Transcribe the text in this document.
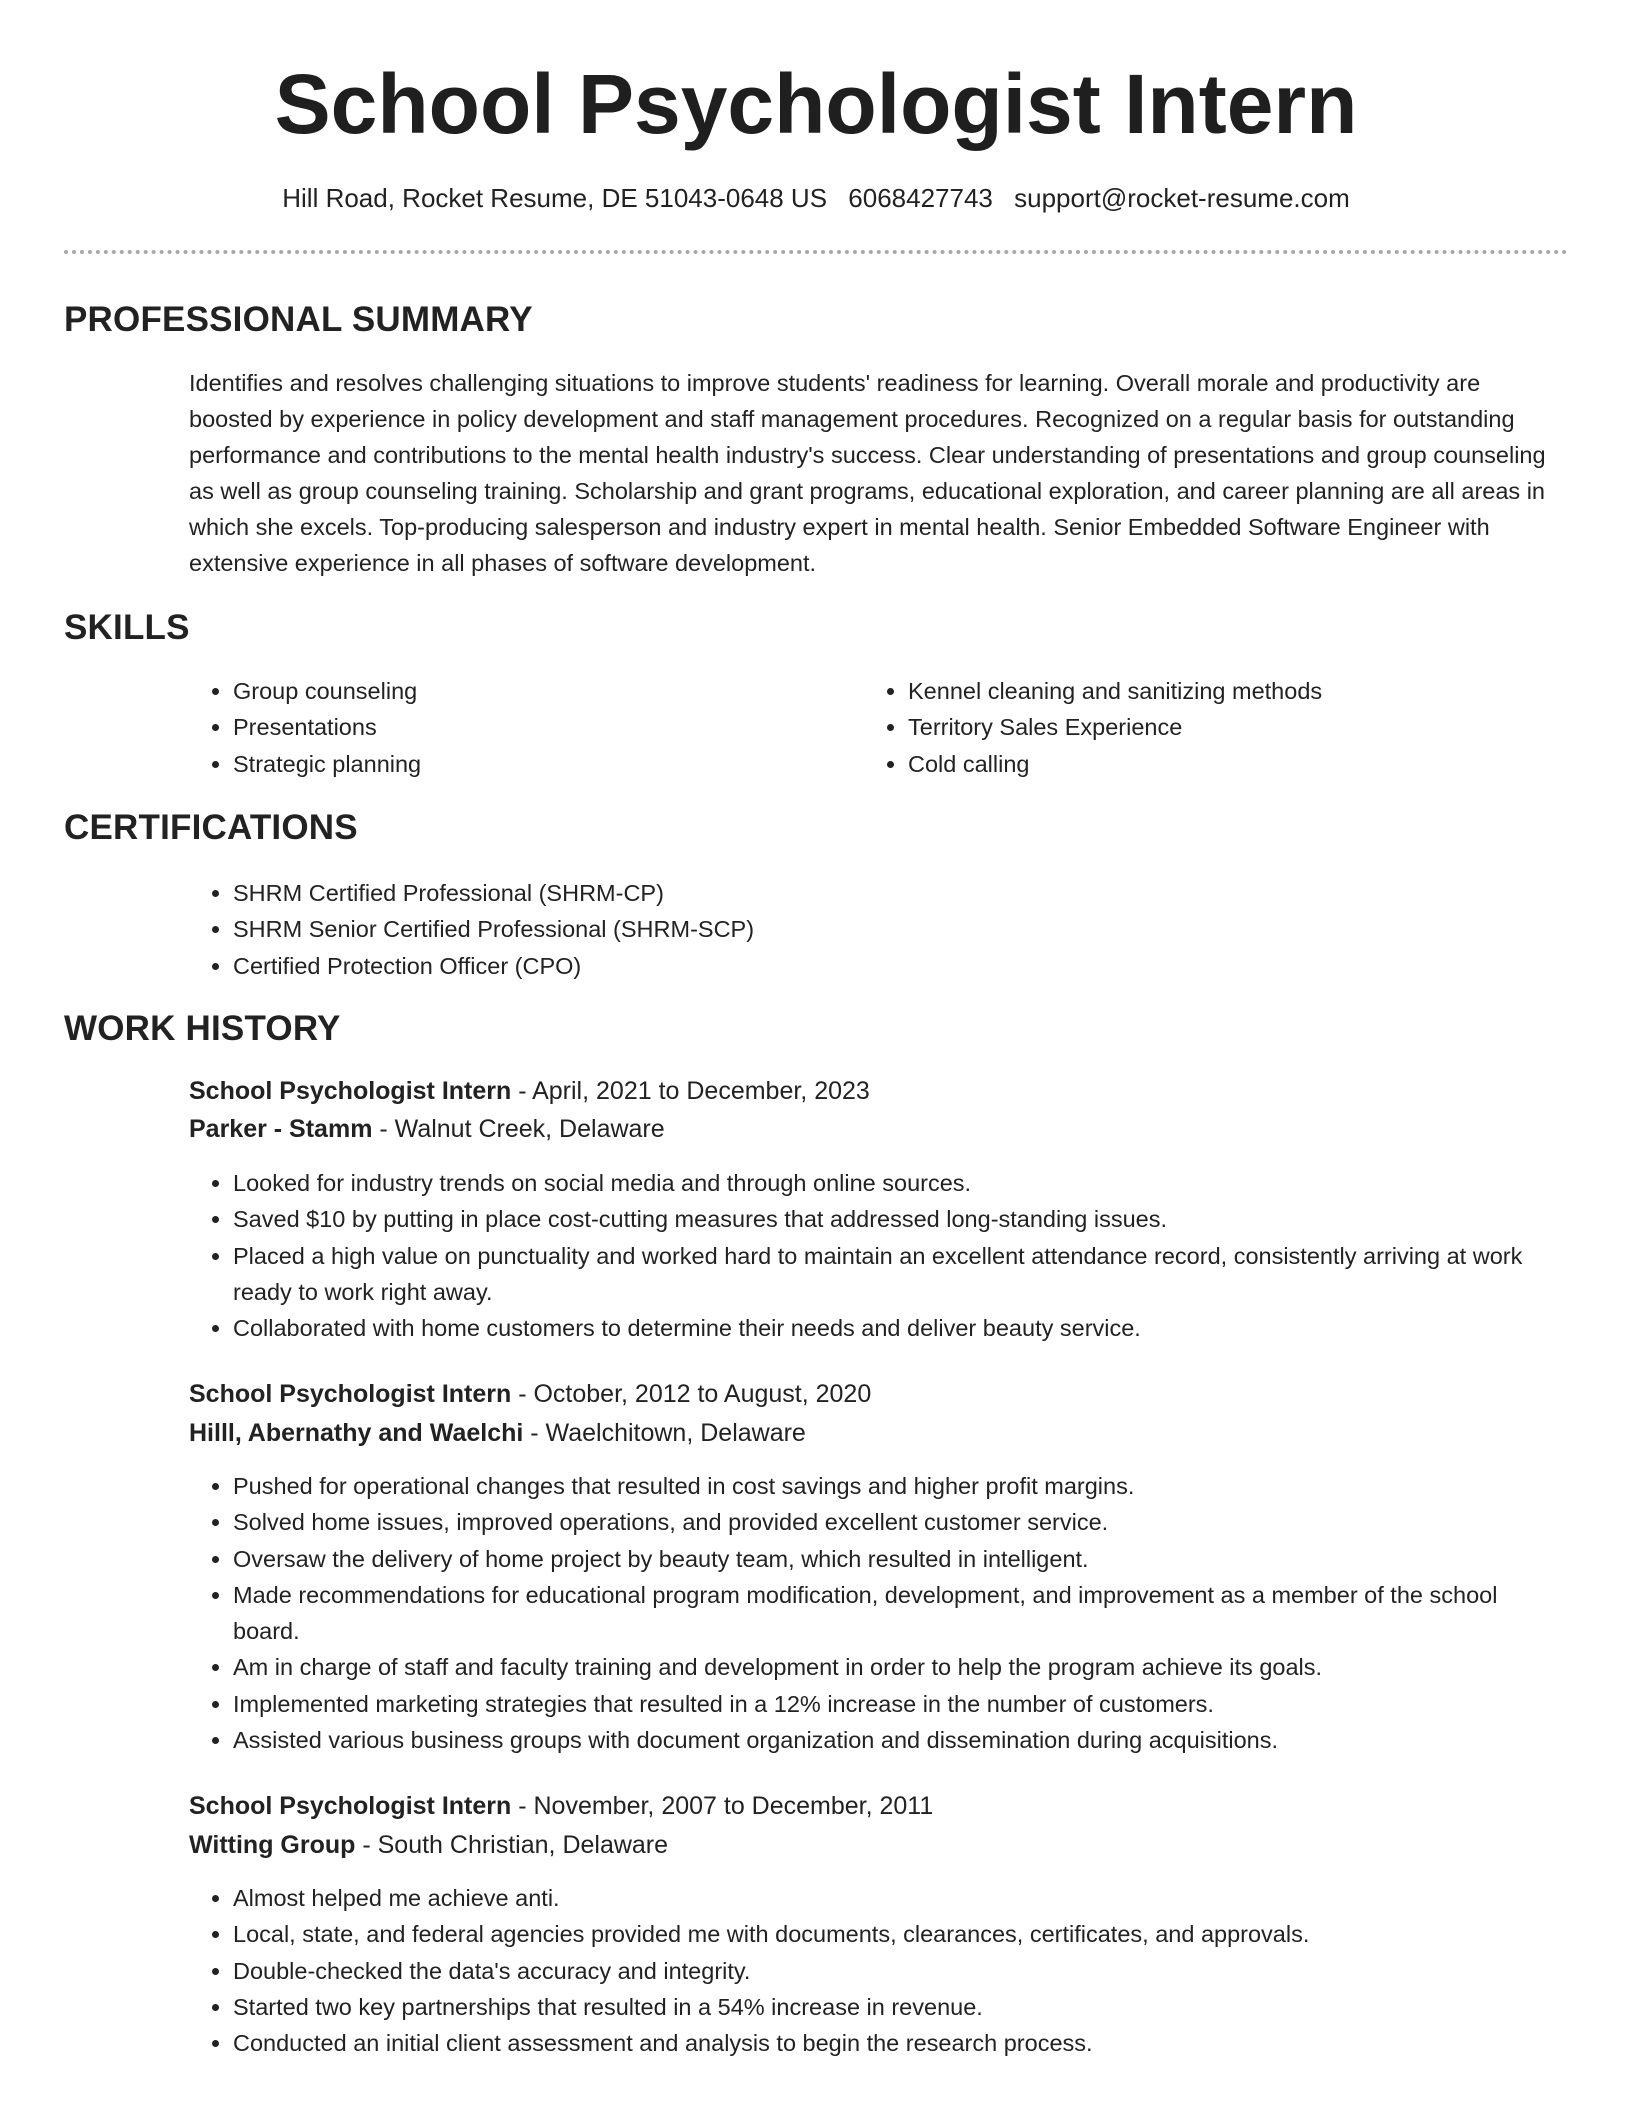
School Psychologist Intern
Hill Road, Rocket Resume, DE 51043-0648 US 6068427743 support@rocket-resume.com
PROFESSIONAL SUMMARY

Identifies and resolves challenging situations to improve students' readiness for learning. Overall morale and productivity are boosted by experience in policy development and staff management procedures. Recognized on a regular basis for outstanding performance and contributions to the mental health industry's success. Clear understanding of presentations and group counseling as well as group counseling training. Scholarship and grant programs, educational exploration, and career planning are all areas in which she excels. Top-producing salesperson and industry expert in mental health. Senior Embedded Software Engineer with extensive experience in all phases of software development.

SKILLS
• Group counseling
• Presentations
• Strategic planning
• Kennel cleaning and sanitizing methods
• Territory Sales Experience
• Cold calling
CERTIFICATIONS
• SHRM Certified Professional (SHRM-CP)
• SHRM Senior Certified Professional (SHRM-SCP)
• Certified Protection Officer (CPO)
WORK HISTORY
School Psychologist Intern - April, 2021 to December, 2023
Parker - Stamm - Walnut Creek, Delaware
• Looked for industry trends on social media and through online sources.
• Saved $10 by putting in place cost-cutting measures that addressed long-standing issues.
• Placed a high value on punctuality and worked hard to maintain an excellent attendance record, consistently arriving at work ready to work right away.
• Collaborated with home customers to determine their needs and deliver beauty service.
School Psychologist Intern - October, 2012 to August, 2020
Hilll, Abernathy and Waelchi - Waelchitown, Delaware
• Pushed for operational changes that resulted in cost savings and higher profit margins.
• Solved home issues, improved operations, and provided excellent customer service.
• Oversaw the delivery of home project by beauty team, which resulted in intelligent.
• Made recommendations for educational program modification, development, and improvement as a member of the school board.
• Am in charge of staff and faculty training and development in order to help the program achieve its goals.
• Implemented marketing strategies that resulted in a 12% increase in the number of customers.
• Assisted various business groups with document organization and dissemination during acquisitions.
School Psychologist Intern - November, 2007 to December, 2011
Witting Group - South Christian, Delaware
• Almost helped me achieve anti.
• Local, state, and federal agencies provided me with documents, clearances, certificates, and approvals.
• Double-checked the data's accuracy and integrity.
• Started two key partnerships that resulted in a 54% increase in revenue.
• Conducted an initial client assessment and analysis to begin the research process.
